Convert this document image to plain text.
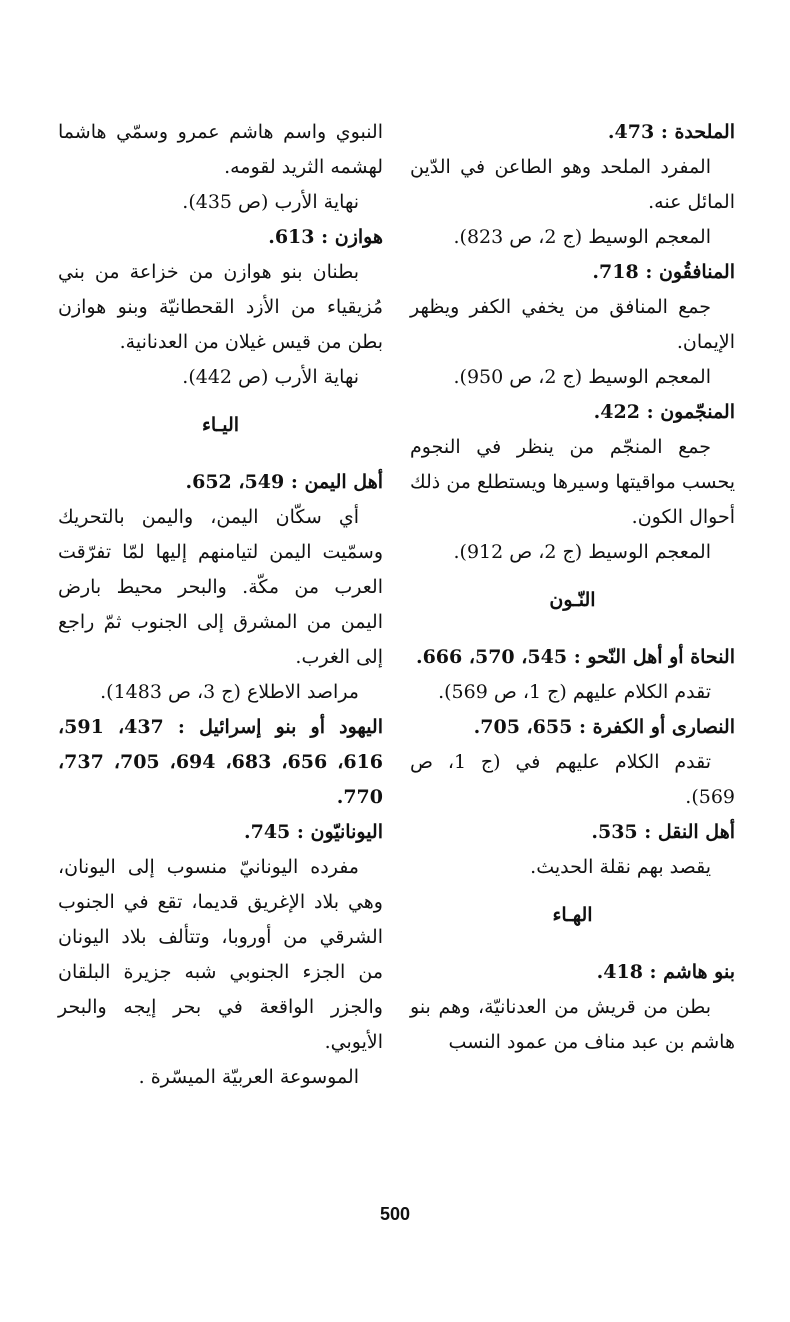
الملحدة : 473.

المفرد الملحد وهو الطاعن في الدّين المائل عنه.

المعجم الوسيط (ج 2، ص 823).

المنافقُون : 718.

جمع المنافق من يخفي الكفر ويظهر الإيمان.

المعجم الوسيط (ج 2، ص 950).

المنجّمون : 422.

جمع المنجّم من ينظر في النجوم يحسب مواقيتها وسيرها ويستطلع من ذلك أحوال الكون.

المعجم الوسيط (ج 2، ص 912).

النّـون

النحاة أو أهل النّحو : 545، 570، 666.

تقدم الكلام عليهم (ج 1، ص 569).

النصارى أو الكفرة : 655، 705.

تقدم الكلام عليهم في (ج 1، ص 569).

أهل النقل : 535.

يقصد بهم نقلة الحديث.

الهـاء

بنو هاشم : 418.

بطن من قريش من العدنانيّة، وهم بنو هاشم بن عبد مناف من عمود النسب

النبوي واسم هاشم عمرو وسمّي هاشما لهشمه الثريد لقومه.

نهاية الأرب (ص 435).

هوازن : 613.

بطنان بنو هوازن من خزاعة من بني مُزيقياء من الأزد القحطانيّة وبنو هوازن بطن من قيس غيلان من العدنانية.

نهاية الأرب (ص 442).

اليـاء

أهل اليمن : 549، 652.

أي سكّان اليمن، واليمن بالتحريك وسمّيت اليمن لتيامنهم إليها لمّا تفرّقت العرب من مكّة. والبحر محيط بارض اليمن من المشرق إلى الجنوب ثمّ راجع إلى الغرب.

مراصد الاطلاع (ج 3، ص 1483).

اليهود أو بنو إسرائيل : 437، 591، 616، 656، 683، 694، 705، 737، 770.

اليونانيّون : 745.

مفرده اليونانيّ منسوب إلى اليونان، وهي بلاد الإغريق قديما، تقع في الجنوب الشرقي من أوروبا، وتتألف بلاد اليونان من الجزء الجنوبي شبه جزيرة البلقان والجزر الواقعة في بحر إيجه والبحر الأيوبي.

الموسوعة العربيّة الميسّرة .

500
